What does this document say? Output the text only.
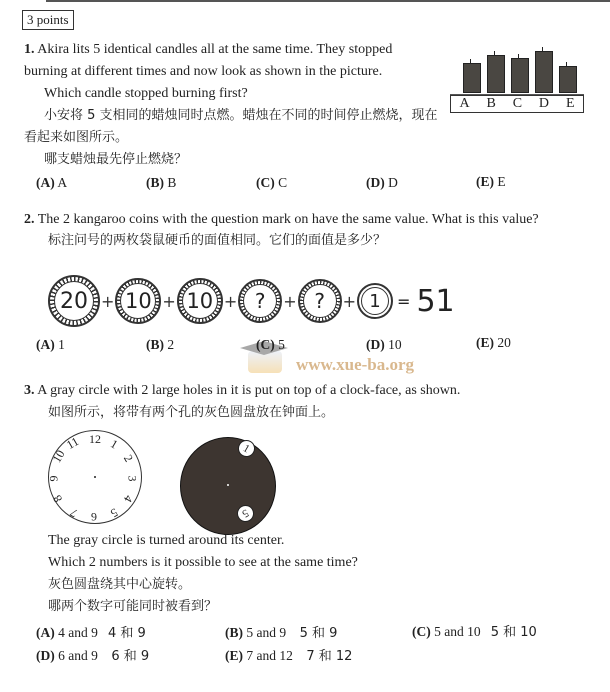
3 points
1. Akira lits 5 identical candles all at the same time. They stopped
burning at different times and now look as shown in the picture.
Which candle stopped burning first?
小安将 5 支相同的蜡烛同时点燃。蜡烛在不同的时间停止燃烧，现在
看起来如图所示。
哪支蜡烛最先停止燃烧？
A B C D E
(A) A	(B) B	(C) C	(D) D	(E) E
2. The 2 kangaroo coins with the question mark on have the same value. What is this value?
标注问号的两枚袋鼠硬币的面值相同。它们的面值是多少？
20 + 10 + 10 + ?	+ ?	+ 1	= 51
(A) 1	(B) 2
www.xue-ba.org
(C) 5	(D) 10	(E) 20
3. A gray circle with 2 large holes in it is put on top of a clock-face, as shown.
如图所示，将带有两个孔的灰色圆盘放在钟面上。
12 1
2
3
4
5
6
7
8
9
10
11	1
5
The gray circle is turned around its center.
Which 2 numbers is it possible to see at the same time?
灰色圆盘绕其中心旋转。
哪两个数字可能同时被看到？
(A) 4 and 9 4 和 9	(B) 5 and 9 5 和 9	(C) 5 and 10 5 和 10
(D) 6 and 9 6 和 9	(E) 7 and 12 7 和 12
